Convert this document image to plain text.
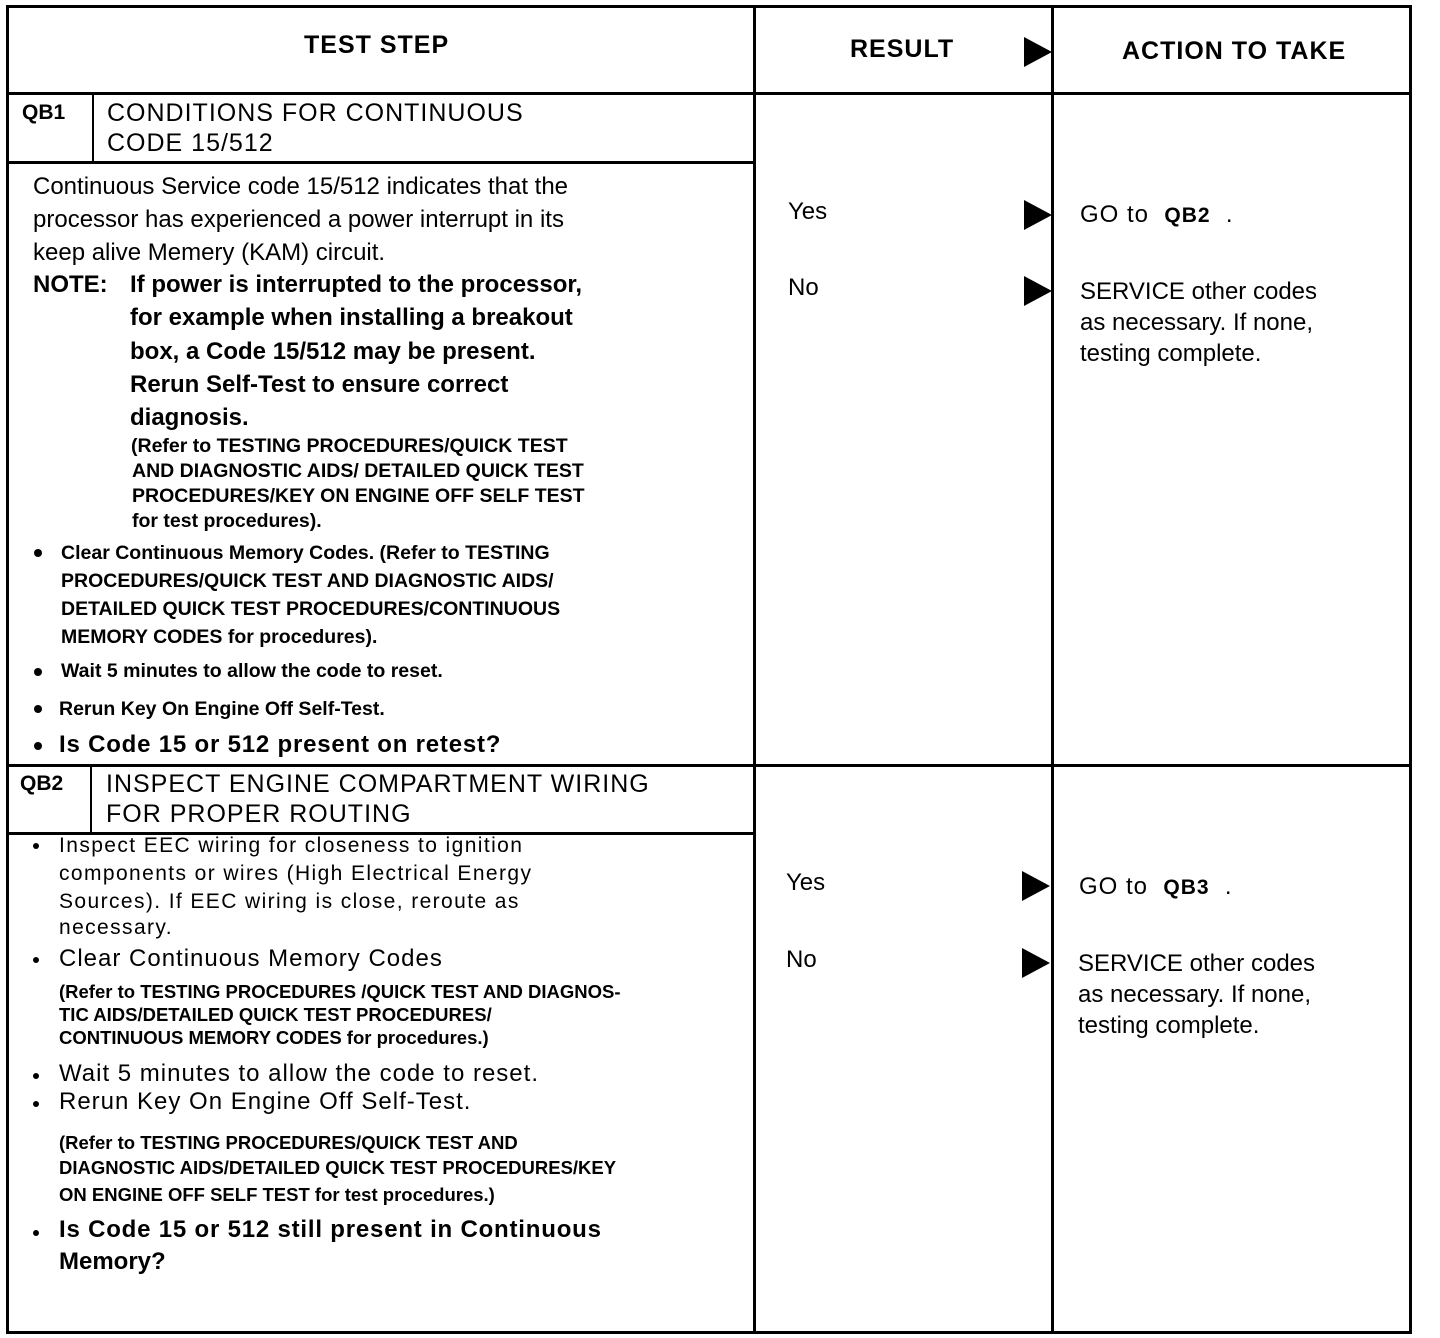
TEST STEP	RESULT	ACTION TO TAKE

QB1 CONDITIONS FOR CONTINUOUS

CODE 15/512

Continuous Service code 15/512 indicates that the

processor has experienced a power interrupt in its

keep alive Memery (KAM) circuit.

NOTE: If power is interrupted to the processor,

for example when installing a breakout

box, a Code 15/512 may be present.

Rerun Self-Test to ensure correct

diagnosis.

(Refer to TESTING PROCEDURES/QUICK TEST

AND DIAGNOSTIC AIDS/ DETAILED QUICK TEST

PROCEDURES/KEY ON ENGINE OFF SELF TEST

for test procedures).

Clear Continuous Memory Codes. (Refer to TESTING

PROCEDURES/QUICK TEST AND DIAGNOSTIC AIDS/

DETAILED QUICK TEST PROCEDURES/CONTINUOUS

MEMORY CODES for procedures).

Wait 5 minutes to allow the code to reset.

Rerun Key On Engine Off Self-Test.

Is Code 15 or 512 present on retest?

Yes	GO to QB2 .

No	SERVICE other codes

as necessary. If none,

testing complete.

QB2 INSPECT ENGINE COMPARTMENT WIRING

FOR PROPER ROUTING

Inspect EEC wiring for closeness to ignition

components or wires (High Electrical Energy

Sources). If EEC wiring is close, reroute as

necessary.

Clear Continuous Memory Codes

(Refer to TESTING PROCEDURES /QUICK TEST AND DIAGNOS-

TIC AIDS/DETAILED QUICK TEST PROCEDURES/

CONTINUOUS MEMORY CODES for procedures.)

Wait 5 minutes to allow the code to reset.

Rerun Key On Engine Off Self-Test.

(Refer to TESTING PROCEDURES/QUICK TEST AND

DIAGNOSTIC AIDS/DETAILED QUICK TEST PROCEDURES/KEY

ON ENGINE OFF SELF TEST for test procedures.)

Is Code 15 or 512 still present in Continuous

Memory?

Yes	GO to QB3 .

No	SERVICE other codes

as necessary. If none,

testing complete.
